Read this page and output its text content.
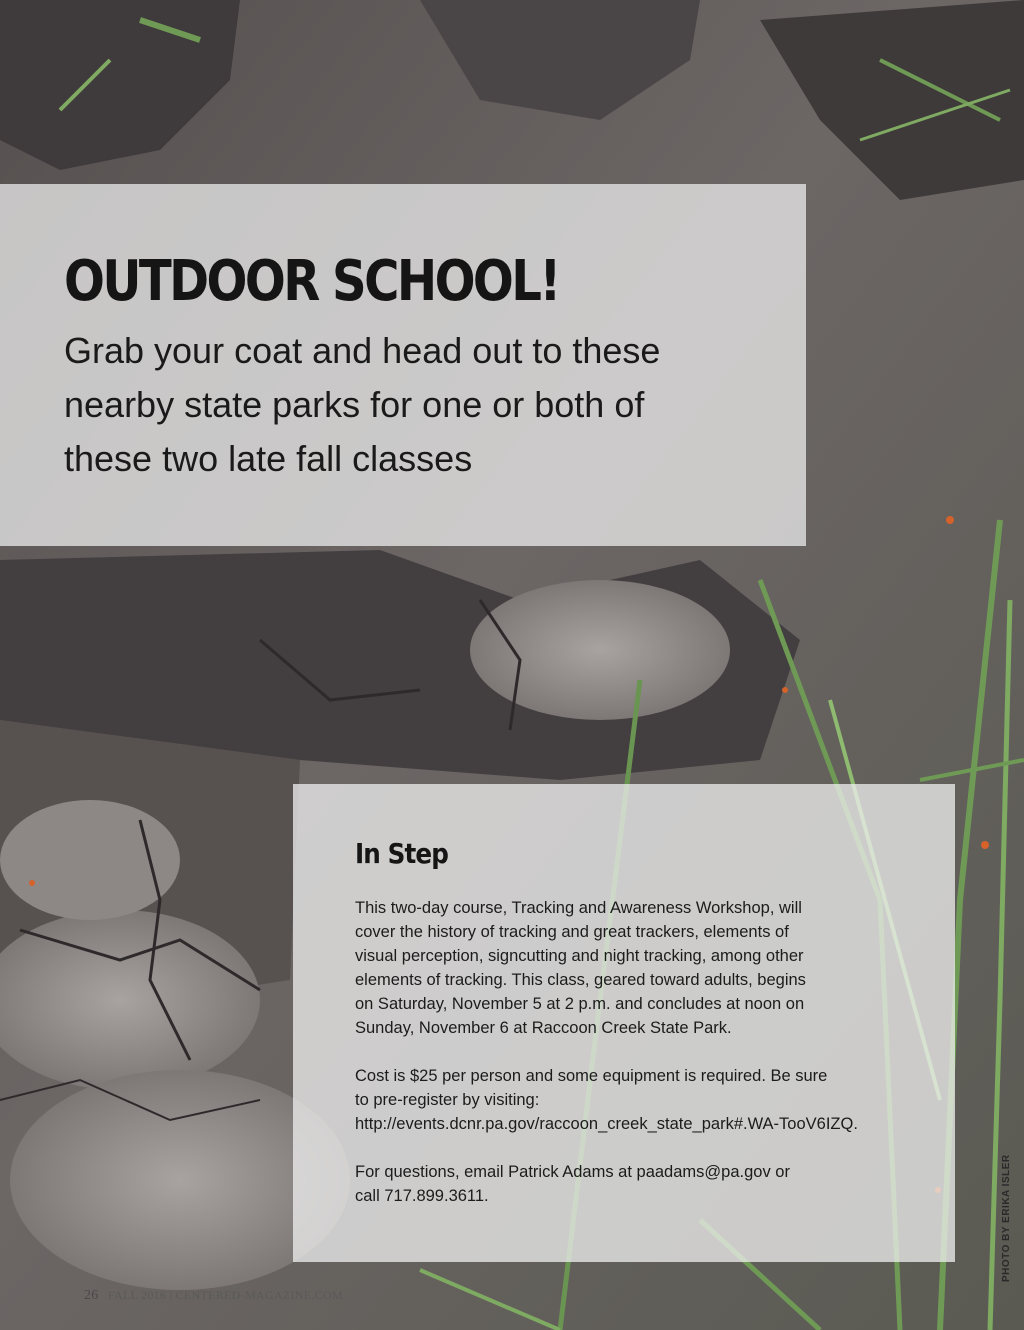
OUTDOOR SCHOOL!
Grab your coat and head out to these
nearby state parks for one or both of
these two late fall classes
In Step

This two-day course, Tracking and Awareness Workshop, will
cover the history of tracking and great trackers, elements of
visual perception, signcutting and night tracking, among other
elements of tracking. This class, geared toward adults, begins
on Saturday, November 5 at 2 p.m. and concludes at noon on
Sunday, November 6 at Raccoon Creek State Park.

Cost is $25 per person and some equipment is required. Be sure
to pre-register by visiting:
http://events.dcnr.pa.gov/raccoon_creek_state_park#.WA-TooV6IZQ.

For questions, email Patrick Adams at paadams@pa.gov or
call 717.899.3611.	PHOTO BY ERIKA ISLER
26 FALL 2016 | CENTERED-MAGAZINE.COM
